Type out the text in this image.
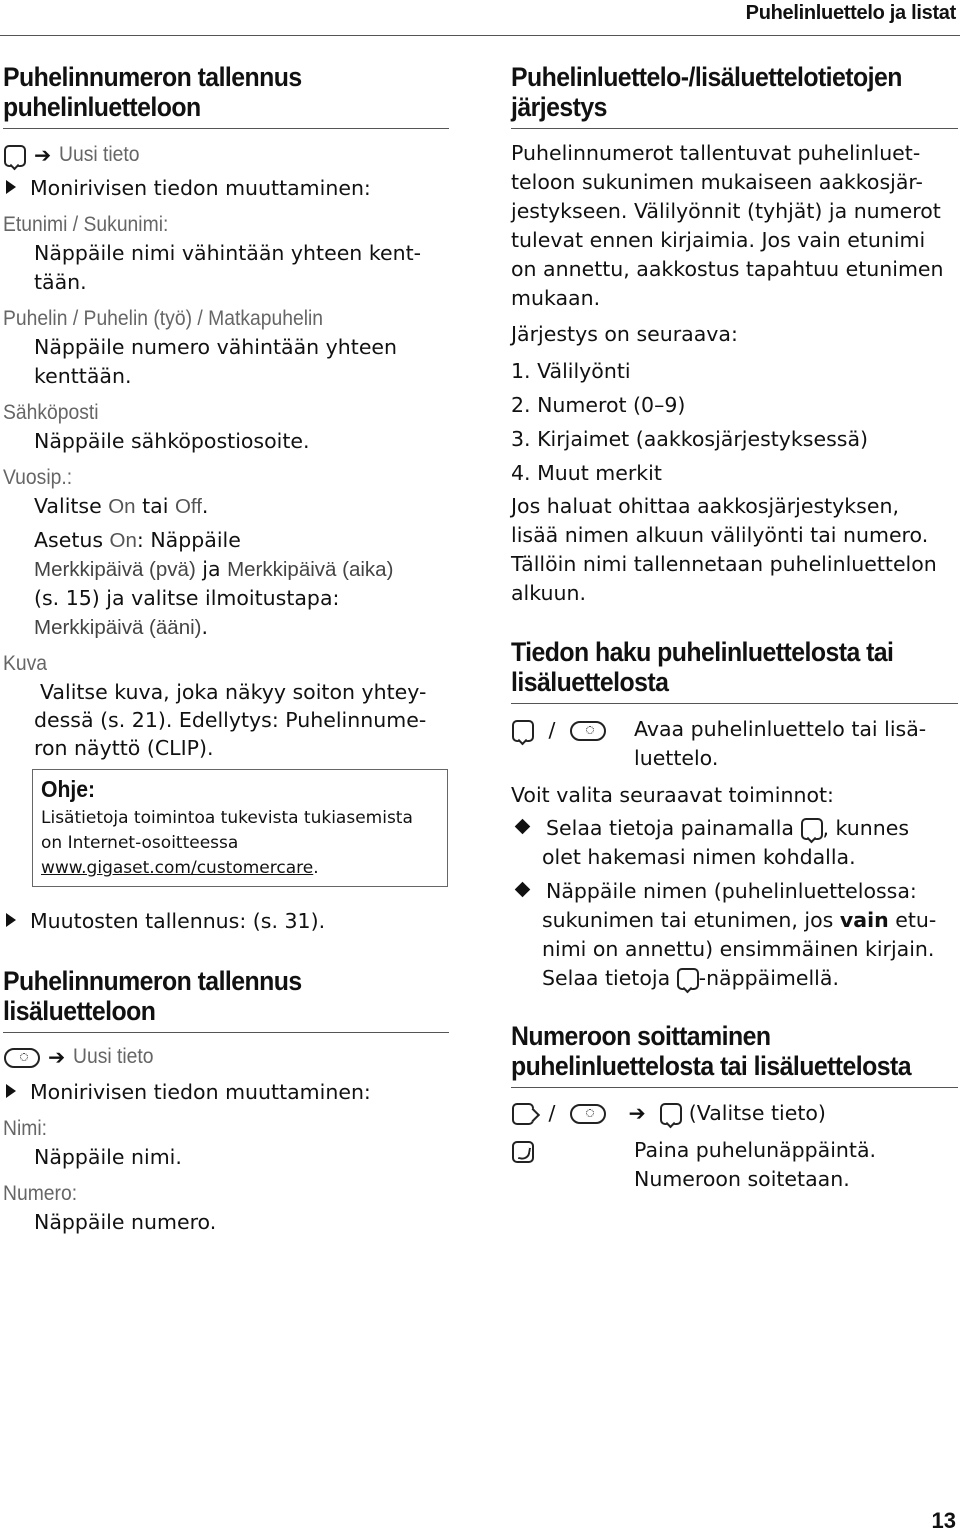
Puhelinluettelo ja listat
Puhelinnumeron tallennus
puhelinluetteloon
➔ Uusi tieto
Monirivisen tiedon muuttaminen:
Etunimi / Sukunimi:
Näppäile nimi vähintään yhteen kent-
tään.
Puhelin / Puhelin (työ) / Matkapuhelin
Näppäile numero vähintään yhteen
kenttään.
Sähköposti
Näppäile sähköpostiosoite.
Vuosip.:
Valitse On tai Off.
Asetus On: Näppäile
Merkkipäivä (pvä) ja Merkkipäivä (aika)
(s. 15) ja valitse ilmoitustapa:
Merkkipäivä (ääni).
Kuva
Valitse kuva, joka näkyy soiton yhtey-
dessä (s. 21). Edellytys: Puhelinnume-
ron näyttö (CLIP).
Ohje:
Lisätietoja toimintoa tukevista tukiasemista
on Internet-osoitteessa
www.gigaset.com/customercare.
Muutosten tallennus: (s. 31).
Puhelinnumeron tallennus
lisäluetteloon
➔ Uusi tieto
Monirivisen tiedon muuttaminen:
Nimi:
Näppäile nimi.
Numero:
Näppäile numero.
Puhelinluettelo-/lisäluettelotietojen
järjestys
Puhelinnumerot tallentuvat puhelinluet-
teloon sukunimen mukaiseen aakkosjär-
jestykseen. Välilyönnit (tyhjät) ja numerot
tulevat ennen kirjaimia. Jos vain etunimi
on annettu, aakkostus tapahtuu etunimen
mukaan.
Järjestys on seuraava:
1. Välilyönti
2. Numerot (0–9)
3. Kirjaimet (aakkosjärjestyksessä)
4. Muut merkit
Jos haluat ohittaa aakkosjärjestyksen,
lisää nimen alkuun välilyönti tai numero.
Tällöin nimi tallennetaan puhelinluettelon
alkuun.
Tiedon haku puhelinluettelosta tai
lisäluettelosta
/	Avaa puhelinluettelo tai lisä-
luettelo.
Voit valita seuraavat toiminnot:
Selaa tietoja painamalla , kunnes
olet hakemasi nimen kohdalla.
Näppäile nimen (puhelinluettelossa:
sukunimen tai etunimen, jos vain etu-
nimi on annettu) ensimmäinen kirjain.
Selaa tietoja -näppäimellä.
Numeroon soittaminen
puhelinluettelosta tai lisäluettelosta
/	➔ (Valitse tieto)
Paina puhelunäppäintä.
Numeroon soitetaan.
13
